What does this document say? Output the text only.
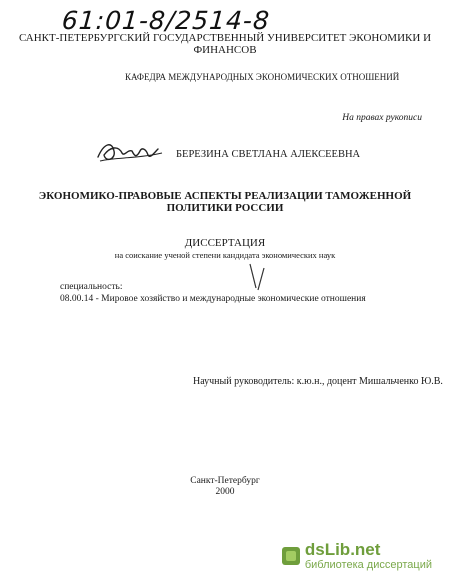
61:01-8/2514-8
САНКТ-ПЕТЕРБУРГСКИЙ ГОСУДАРСТВЕННЫЙ УНИВЕРСИТЕТ ЭКОНОМИКИ И
ФИНАНСОВ
КАФЕДРА МЕЖДУНАРОДНЫХ ЭКОНОМИЧЕСКИХ ОТНОШЕНИЙ
На правах рукописи
БЕРЕЗИНА СВЕТЛАНА АЛЕКСЕЕВНА
ЭКОНОМИКО-ПРАВОВЫЕ АСПЕКТЫ РЕАЛИЗАЦИИ ТАМОЖЕННОЙ
ПОЛИТИКИ РОССИИ
ДИССЕРТАЦИЯ
на соискание ученой степени кандидата экономических наук
специальность:
08.00.14 - Мировое хозяйство и международные экономические отношения
Научный руководитель: к.ю.н., доцент Мишальченко Ю.В.
Санкт-Петербург
2000
dsLib.net
библиотека диссертаций
